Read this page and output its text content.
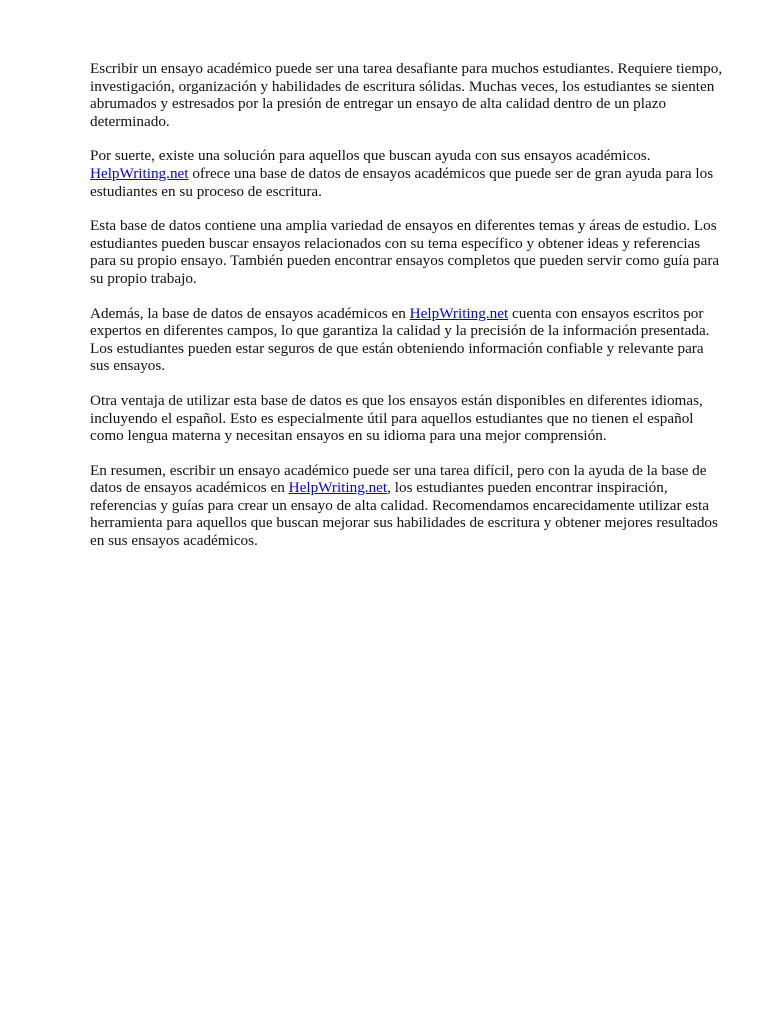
Escribir un ensayo académico puede ser una tarea desafiante para muchos estudiantes. Requiere tiempo, investigación, organización y habilidades de escritura sólidas. Muchas veces, los estudiantes se sienten abrumados y estresados por la presión de entregar un ensayo de alta calidad dentro de un plazo determinado.

Por suerte, existe una solución para aquellos que buscan ayuda con sus ensayos académicos.
HelpWriting.net ofrece una base de datos de ensayos académicos que puede ser de gran ayuda para los estudiantes en su proceso de escritura.

Esta base de datos contiene una amplia variedad de ensayos en diferentes temas y áreas de estudio. Los estudiantes pueden buscar ensayos relacionados con su tema específico y obtener ideas y referencias para su propio ensayo. También pueden encontrar ensayos completos que pueden servir como guía para su propio trabajo.

Además, la base de datos de ensayos académicos en HelpWriting.net cuenta con ensayos escritos por expertos en diferentes campos, lo que garantiza la calidad y la precisión de la información presentada. Los estudiantes pueden estar seguros de que están obteniendo información confiable y relevante para sus ensayos.

Otra ventaja de utilizar esta base de datos es que los ensayos están disponibles en diferentes idiomas, incluyendo el español. Esto es especialmente útil para aquellos estudiantes que no tienen el español como lengua materna y necesitan ensayos en su idioma para una mejor comprensión.

En resumen, escribir un ensayo académico puede ser una tarea difícil, pero con la ayuda de la base de datos de ensayos académicos en HelpWriting.net, los estudiantes pueden encontrar inspiración, referencias y guías para crear un ensayo de alta calidad. Recomendamos encarecidamente utilizar esta herramienta para aquellos que buscan mejorar sus habilidades de escritura y obtener mejores resultados en sus ensayos académicos.
